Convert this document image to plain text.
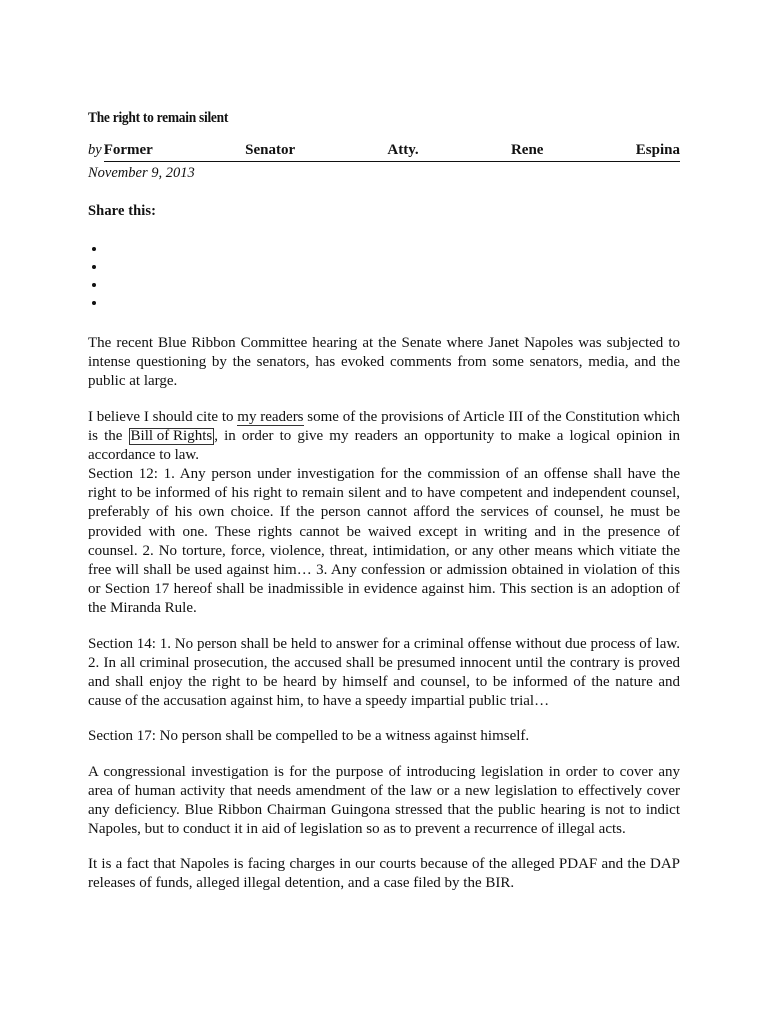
The right to remain silent
by Former	Senator	Atty.	Rene	Espina
November 9, 2013
Share this:

The recent Blue Ribbon Committee hearing at the Senate where Janet Napoles was subjected to intense questioning by the senators, has evoked comments from some senators, media, and the public at large.

I believe I should cite to my readers some of the provisions of Article III of the Constitution which is the Bill of Rights , in order to give my readers an opportunity to make a logical opinion in accordance to law.

Section 12: 1. Any person under investigation for the commission of an offense shall have the right to be informed of his right to remain silent and to have competent and independent counsel, preferably of his own choice. If the person cannot afford the services of counsel, he must be provided with one. These rights cannot be waived except in writing and in the presence of counsel. 2. No torture, force, violence, threat, intimidation, or any other means which vitiate the free will shall be used against him… 3. Any confession or admission obtained in violation of this or Section 17 hereof shall be inadmissible in evidence against him. This section is an adoption of the Miranda Rule.

Section 14: 1. No person shall be held to answer for a criminal offense without due process of law. 2. In all criminal prosecution, the accused shall be presumed innocent until the contrary is proved and shall enjoy the right to be heard by himself and counsel, to be informed of the nature and cause of the accusation against him, to have a speedy impartial public trial…

Section 17: No person shall be compelled to be a witness against himself.

A congressional investigation is for the purpose of introducing legislation in order to cover any area of human activity that needs amendment of the law or a new legislation to effectively cover any deficiency. Blue Ribbon Chairman Guingona stressed that the public hearing is not to indict Napoles, but to conduct it in aid of legislation so as to prevent a recurrence of illegal acts.

It is a fact that Napoles is facing charges in our courts because of the alleged PDAF and the DAP releases of funds, alleged illegal detention, and a case filed by the BIR.
